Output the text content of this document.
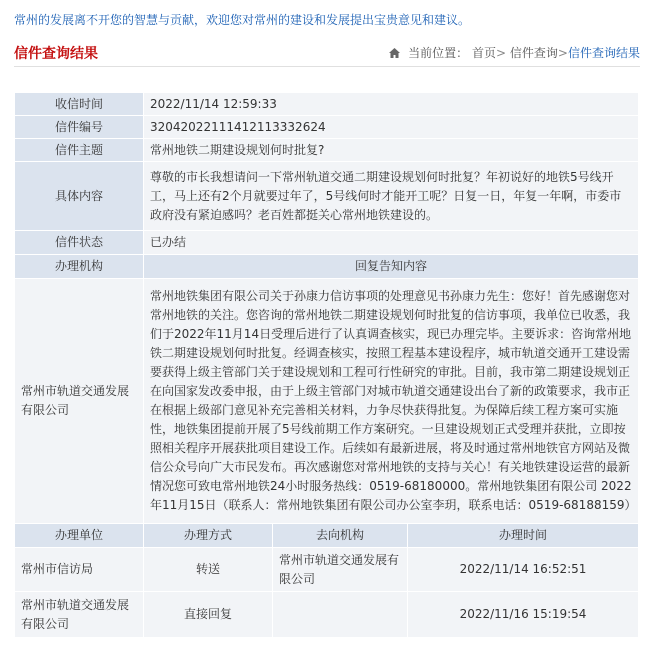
常州的发展离不开您的智慧与贡献，欢迎您对常州的建设和发展提出宝贵意见和建议。
信件查询结果	当前位置： 首页> 信件查询>信件查询结果
收信时间	2022/11/14 12:59:33		
信件编号	32042022111412113332624		
信件主题	常州地铁二期建设规划何时批复?		
具体内容	尊敬的市长我想请问一下常州轨道交通二期建设规划何时批复？年初说好的地铁5号线开工，马上还有2个月就要过年了，5号线何时才能开工呢？日复一日，年复一年啊，市委市政府没有紧迫感吗？老百姓都挺关心常州地铁建设的。		
信件状态	已办结		
办理机构	回复告知内容		
常州市轨道交通发展有限公司	常州地铁集团有限公司关于孙康力信访事项的处理意见书孙康力先生：您好！首先感谢您对常州地铁的关注。您咨询的常州地铁二期建设规划何时批复的信访事项，我单位已收悉，我们于2022年11月14日受理后进行了认真调查核实，现已办理完毕。主要诉求：咨询常州地铁二期建设规划何时批复。经调查核实，按照工程基本建设程序，城市轨道交通开工建设需要获得上级主管部门关于建设规划和工程可行性研究的审批。目前，我市第二期建设规划正在向国家发改委申报，由于上级主管部门对城市轨道交通建设出台了新的政策要求，我市正在根据上级部门意见补充完善相关材料，力争尽快获得批复。为保障后续工程方案可实施性，地铁集团提前开展了5号线前期工作方案研究。一旦建设规划正式受理并获批，立即按照相关程序开展获批项目建设工作。后续如有最新进展，将及时通过常州地铁官方网站及微信公众号向广大市民发布。再次感谢您对常州地铁的支持与关心！有关地铁建设运营的最新情况您可致电常州地铁24小时服务热线：0519-68180000。常州地铁集团有限公司 2022年11月15日（联系人：常州地铁集团有限公司办公室李玥，联系电话：0519-68188159）		
办理单位	办理方式	去向机构	办理时间
常州市信访局	转送	常州市轨道交通发展有限公司	2022/11/14 16:52:51
常州市轨道交通发展有限公司	直接回复		2022/11/16 15:19:54
